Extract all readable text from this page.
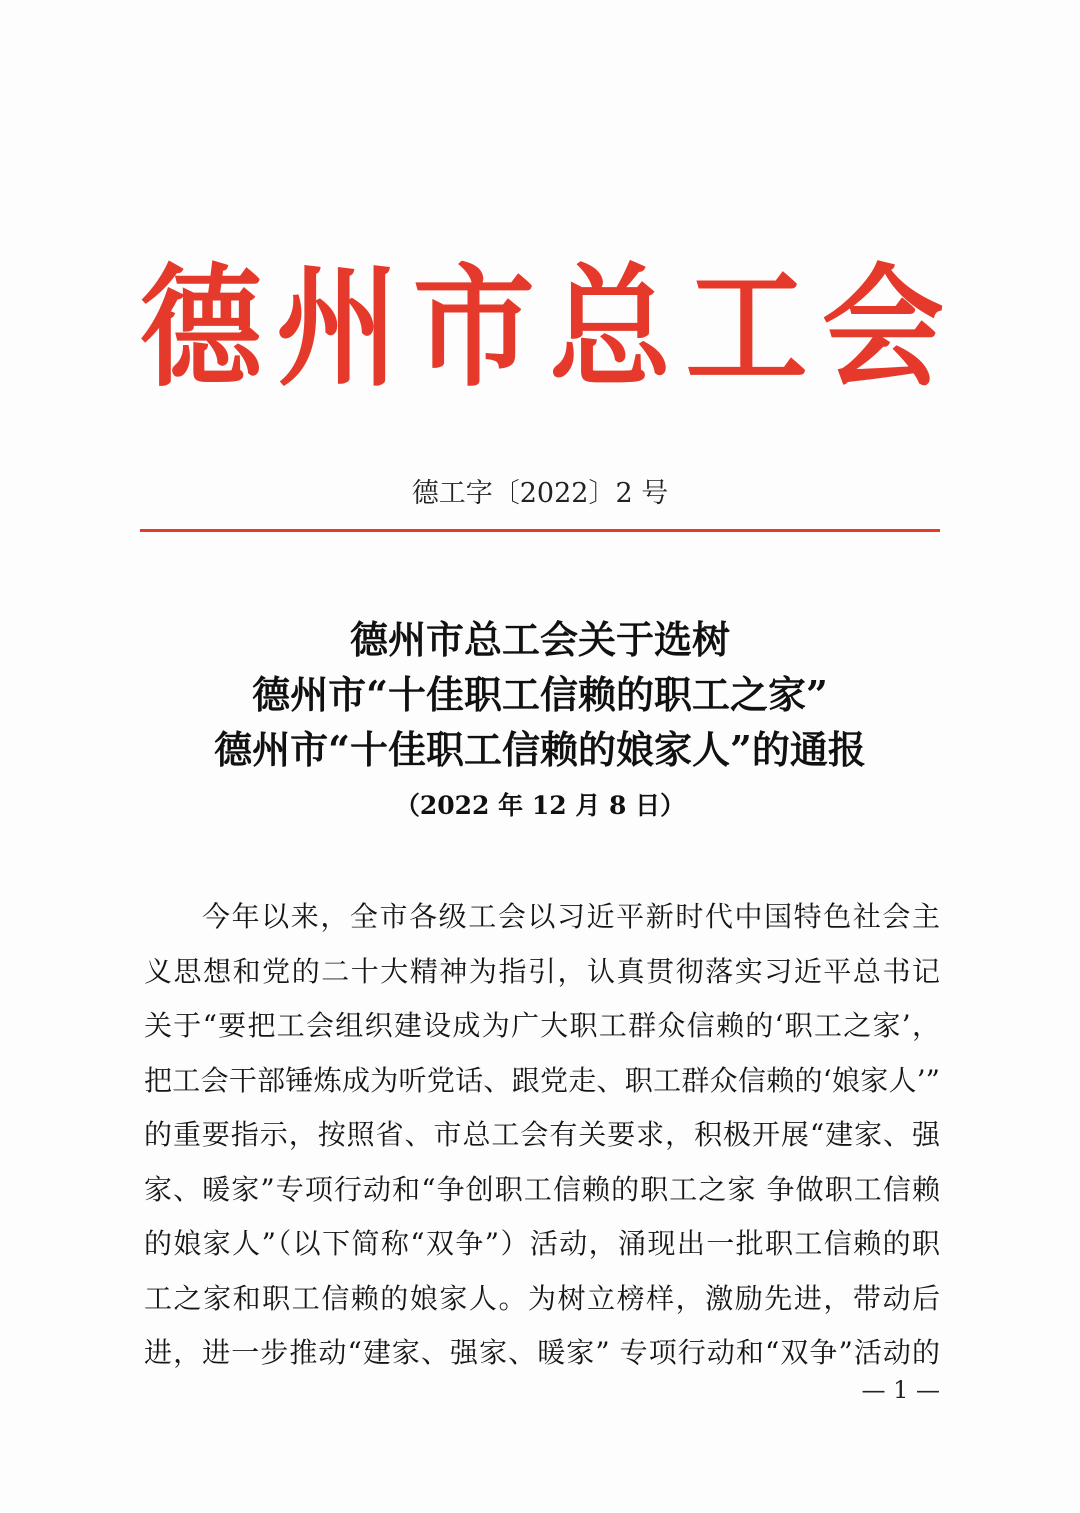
德 州 市 总 工 会
德工字〔2022〕2 号
德州市总工会关于选树
德州市“十佳职工信赖的职工之家”
德州市“十佳职工信赖的娘家人”的通报
（2022 年 12 月 8 日）
今年以来，全市各级工会以习近平新时代中国特色社会主
义思想和党的二十大精神为指引，认真贯彻落实习近平总书记
关于“要把工会组织建设成为广大职工群众信赖的‘职工之家’，
把工会干部锤炼成为听党话、跟党走、职工群众信赖的‘娘家人’”
的重要指示，按照省、市总工会有关要求，积极开展“建家、强
家、暖家”专项行动和“争创职工信赖的职工之家 争做职工信赖
的娘家人”（以下简称“双争”）活动，涌现出一批职工信赖的职
工之家和职工信赖的娘家人。为树立榜样，激励先进，带动后
进，进一步推动“建家、强家、暖家” 专项行动和“双争”活动的
— 1 —
